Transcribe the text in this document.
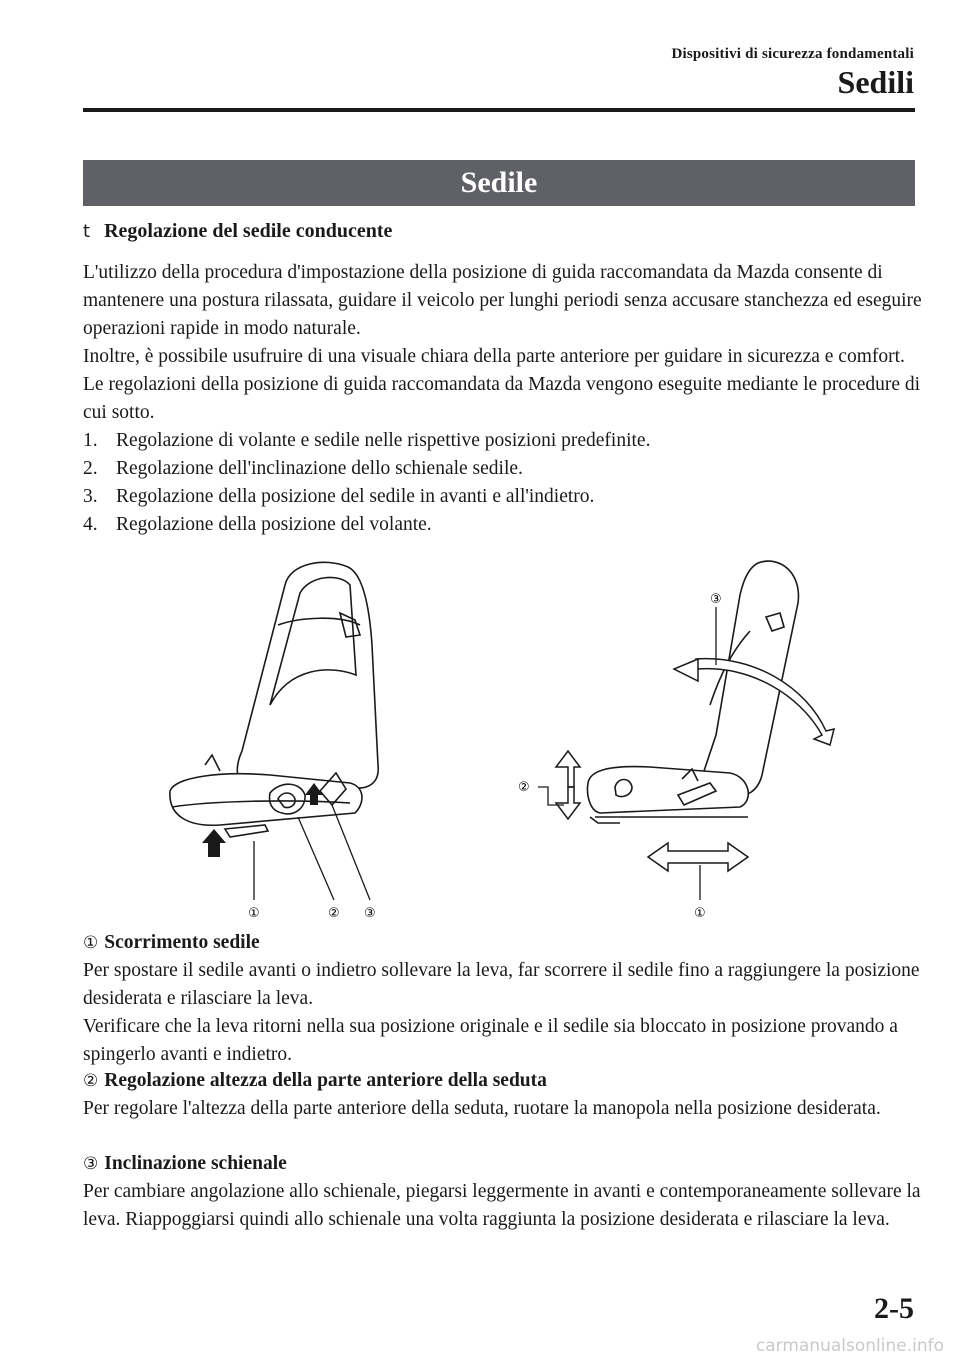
Dispositivi di sicurezza fondamentali
Sedili
Sedile
t Regolazione del sedile conducente

L'utilizzo della procedura d'impostazione della posizione di guida raccomandata da Mazda consente di mantenere una postura rilassata, guidare il veicolo per lunghi periodi senza accusare stanchezza ed eseguire operazioni rapide in modo naturale.

Inoltre, è possibile usufruire di una visuale chiara della parte anteriore per guidare in sicurezza e comfort.

Le regolazioni della posizione di guida raccomandata da Mazda vengono eseguite mediante le procedure di cui sotto.

1. Regolazione di volante e sedile nelle rispettive posizioni predefinite.
2. Regolazione dell'inclinazione dello schienale sedile.
3. Regolazione della posizione del sedile in avanti e all'indietro.
4. Regolazione della posizione del volante.
①	② ③	①
②
③
① Scorrimento sedile

Per spostare il sedile avanti o indietro sollevare la leva, far scorrere il sedile fino a raggiungere la posizione desiderata e rilasciare la leva.

Verificare che la leva ritorni nella sua posizione originale e il sedile sia bloccato in posizione provando a spingerlo avanti e indietro.

② Regolazione altezza della parte anteriore della seduta

Per regolare l'altezza della parte anteriore della seduta, ruotare la manopola nella posizione desiderata.

③ Inclinazione schienale

Per cambiare angolazione allo schienale, piegarsi leggermente in avanti e contemporaneamente sollevare la leva. Riappoggiarsi quindi allo schienale una volta raggiunta la posizione desiderata e rilasciare la leva.

2-5
carmanualsonline.info
